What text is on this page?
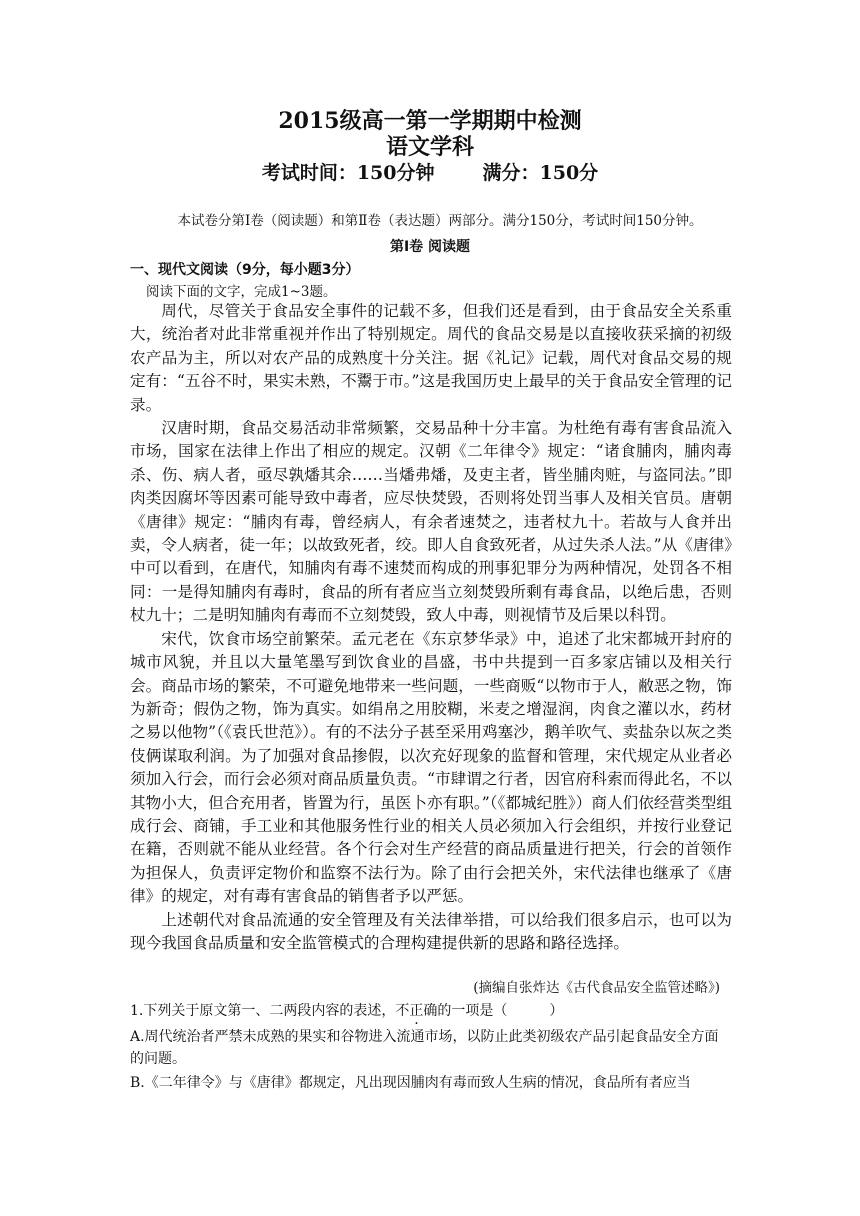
2015级高一第一学期期中检测
语文学科
考试时间：150分钟	满分：150分
本试卷分第Ⅰ卷（阅读题）和第Ⅱ卷（表达题）两部分。满分150分，考试时间150分钟。
第Ⅰ卷 阅读题
一、现代文阅读（9分，每小题3分）
阅读下面的文字，完成1~3题。

周代，尽管关于食品安全事件的记载不多，但我们还是看到，由于食品安全关系重大，统治者对此非常重视并作出了特别规定。周代的食品交易是以直接收获采摘的初级农产品为主，所以对农产品的成熟度十分关注。据《礼记》记载，周代对食品交易的规定有：“五谷不时，果实未熟，不鬻于市。”这是我国历史上最早的关于食品安全管理的记录。

汉唐时期，食品交易活动非常频繁，交易品种十分丰富。为杜绝有毒有害食品流入市场，国家在法律上作出了相应的规定。汉朝《二年律令》规定：“诸食脯肉，脯肉毒杀、伤、病人者，亟尽孰燔其余……当燔弗燔，及吏主者，皆坐脯肉赃，与盗同法。”即肉类因腐坏等因素可能导致中毒者，应尽快焚毁，否则将处罚当事人及相关官员。唐朝《唐律》规定：“脯肉有毒，曾经病人，有余者速焚之，违者杖九十。若故与人食并出卖，令人病者，徒一年；以故致死者，绞。即人自食致死者，从过失杀人法。”从《唐律》中可以看到，在唐代，知脯肉有毒不速焚而构成的刑事犯罪分为两种情况，处罚各不相同：一是得知脯肉有毒时，食品的所有者应当立刻焚毁所剩有毒食品，以绝后患，否则杖九十；二是明知脯肉有毒而不立刻焚毁，致人中毒，则视情节及后果以科罚。

宋代，饮食市场空前繁荣。孟元老在《东京梦华录》中，追述了北宋都城开封府的城市风貌，并且以大量笔墨写到饮食业的昌盛，书中共提到一百多家店铺以及相关行会。商品市场的繁荣，不可避免地带来一些问题，一些商贩“以物市于人，敝恶之物，饰为新奇；假伪之物，饰为真实。如绢帛之用胶糊，米麦之增湿润，肉食之灌以水，药材之易以他物”（《袁氏世范》）。有的不法分子甚至采用鸡塞沙，鹅羊吹气、卖盐杂以灰之类伎俩谋取利润。为了加强对食品掺假，以次充好现象的监督和管理，宋代规定从业者必须加入行会，而行会必须对商品质量负责。“市肆谓之行者，因官府科索而得此名，不以其物小大，但合充用者，皆置为行，虽医卜亦有职。”（《都城纪胜》）商人们依经营类型组成行会、商铺，手工业和其他服务性行业的相关人员必须加入行会组织，并按行业登记在籍，否则就不能从业经营。各个行会对生产经营的商品质量进行把关，行会的首领作为担保人，负责评定物价和监察不法行为。除了由行会把关外，宋代法律也继承了《唐律》的规定，对有毒有害食品的销售者予以严惩。

上述朝代对食品流通的安全管理及有关法律举措，可以给我们很多启示，也可以为现今我国食品质量和安全监管模式的合理构建提供新的思路和路径选择。

(摘编自张炸达《古代食品安全监管述略》)
1.下列关于原文第一、二两段内容的表述，不正确的一项是（　　　）
A.周代统治者严禁未成熟的果实和谷物进入流通市场，以防止此类初级农产品引起食品安全方面的问题。
B.《二年律令》与《唐律》都规定，凡出现因脯肉有毒而致人生病的情况，食品所有者应当
